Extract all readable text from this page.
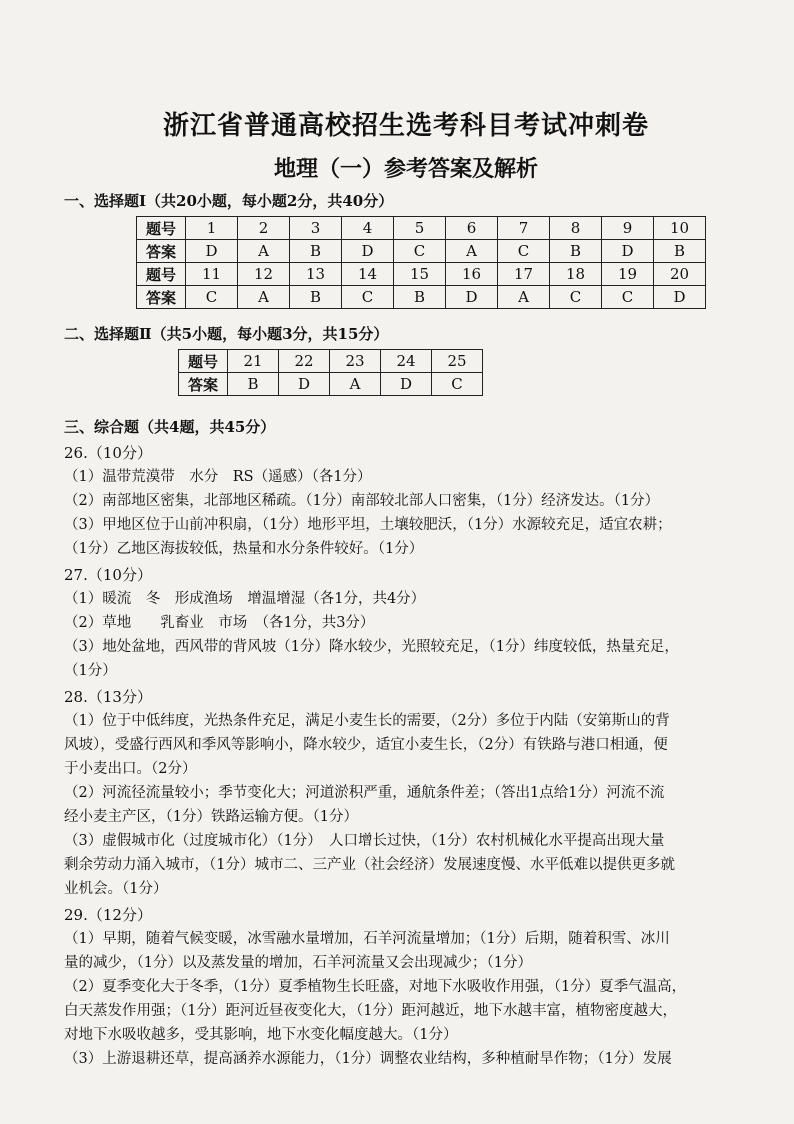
浙江省普通高校招生选考科目考试冲刺卷
地理（一）参考答案及解析
一、选择题Ⅰ（共20小题，每小题2分，共40分）
题号	1	2	3	4	5	6	7	8	9	10
答案	D	A	B	D	C	A	C	B	D	B
题号	11	12	13	14	15	16	17	18	19	20
答案	C	A	B	C	B	D	A	C	C	D
二、选择题Ⅱ（共5小题，每小题3分，共15分）
题号	21	22	23	24	25
答案	B	D	A	D	C
三、综合题（共4题，共45分）
26.（10分）

（1）温带荒漠带　水分　RS（遥感）（各1分）

（2）南部地区密集，北部地区稀疏。（1分）南部较北部人口密集，（1分）经济发达。（1分）

（3）甲地区位于山前冲积扇，（1分）地形平坦，土壤较肥沃，（1分）水源较充足，适宜农耕；

（1分）乙地区海拔较低，热量和水分条件较好。（1分）

27.（10分）

（1）暖流　冬　形成渔场　增温增湿（各1分，共4分）

（2）草地　　乳畜业　市场　（各1分，共3分）

（3）地处盆地，西风带的背风坡（1分）降水较少，光照较充足，（1分）纬度较低，热量充足，

（1分）

28.（13分）

（1）位于中低纬度，光热条件充足，满足小麦生长的需要，（2分）多位于内陆（安第斯山的背

风坡），受盛行西风和季风等影响小，降水较少，适宜小麦生长，（2分）有铁路与港口相通，便

于小麦出口。（2分）

（2）河流径流量较小；季节变化大；河道淤积严重，通航条件差；（答出1点给1分）河流不流

经小麦主产区，（1分）铁路运输方便。（1分）

（3）虚假城市化（过度城市化）（1分）　人口增长过快，（1分）农村机械化水平提高出现大量

剩余劳动力涌入城市，（1分）城市二、三产业（社会经济）发展速度慢、水平低难以提供更多就

业机会。（1分）

29.（12分）

（1）早期，随着气候变暖，冰雪融水量增加，石羊河流量增加；（1分）后期，随着积雪、冰川

量的减少，（1分）以及蒸发量的增加，石羊河流量又会出现减少；（1分）

（2）夏季变化大于冬季，（1分）夏季植物生长旺盛，对地下水吸收作用强，（1分）夏季气温高，

白天蒸发作用强；（1分）距河近昼夜变化大，（1分）距河越近，地下水越丰富，植物密度越大，

对地下水吸收越多，受其影响，地下水变化幅度越大。（1分）

（3）上游退耕还草，提高涵养水源能力，（1分）调整农业结构，多种植耐旱作物；（1分）发展
